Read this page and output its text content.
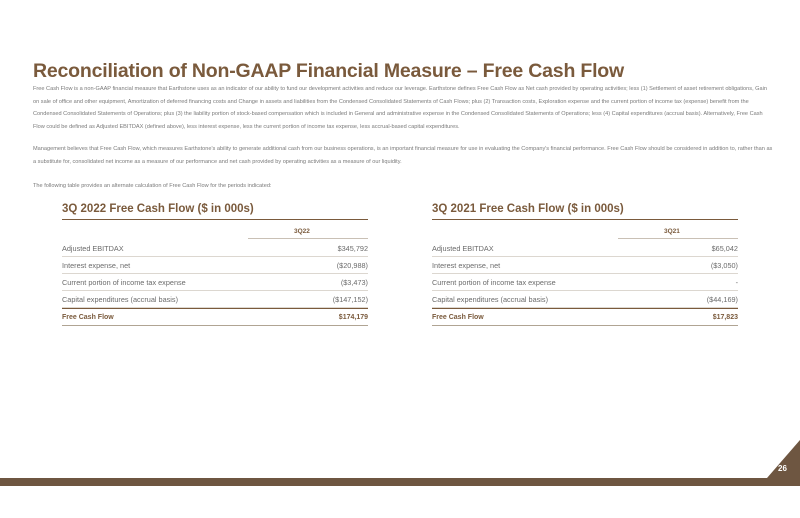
26
Reconciliation of Non-GAAP Financial Measure – Free Cash Flow

Free Cash Flow is a non-GAAP financial measure that Earthstone uses as an indicator of our ability to fund our development activities and reduce our leverage. Earthstone defines Free Cash Flow as Net cash provided by operating activities; less (1) Settlement of asset retirement obligations, Gain on sale of office and other equipment, Amortization of deferred financing costs and Change in assets and liabilities from the Condensed Consolidated Statements of Cash Flows; plus (2) Transaction costs, Exploration expense and the current portion of income tax (expense) benefit from the Condensed Consolidated Statements of Operations; plus (3) the liability portion of stock-based compensation which is included in General and administrative expense in the Condensed Consolidated Statements of Operations; less (4) Capital expenditures (accrual basis). Alternatively, Free Cash Flow could be defined as Adjusted EBITDAX (defined above), less interest expense, less the current portion of income tax expense, less accrual-based capital expenditures.

Management believes that Free Cash Flow, which measures Earthstone's ability to generate additional cash from our business operations, is an important financial measure for use in evaluating the Company's financial performance. Free Cash Flow should be considered in addition to, rather than as a substitute for, consolidated net income as a measure of our performance and net cash provided by operating activities as a measure of our liquidity.

The following table provides an alternate calculation of Free Cash Flow for the periods indicated:

3Q 2022 Free Cash Flow ($ in 000s)
3Q22
Adjusted EBITDAX	$345,792
Interest expense, net	($20,988)
Current portion of income tax expense	($3,473)
Capital expenditures (accrual basis)	($147,152)
Free Cash Flow	$174,179
3Q 2021 Free Cash Flow ($ in 000s)
3Q21
Adjusted EBITDAX	$65,042
Interest expense, net	($3,050)
Current portion of income tax expense	-
Capital expenditures (accrual basis)	($44,169)
Free Cash Flow	$17,823
